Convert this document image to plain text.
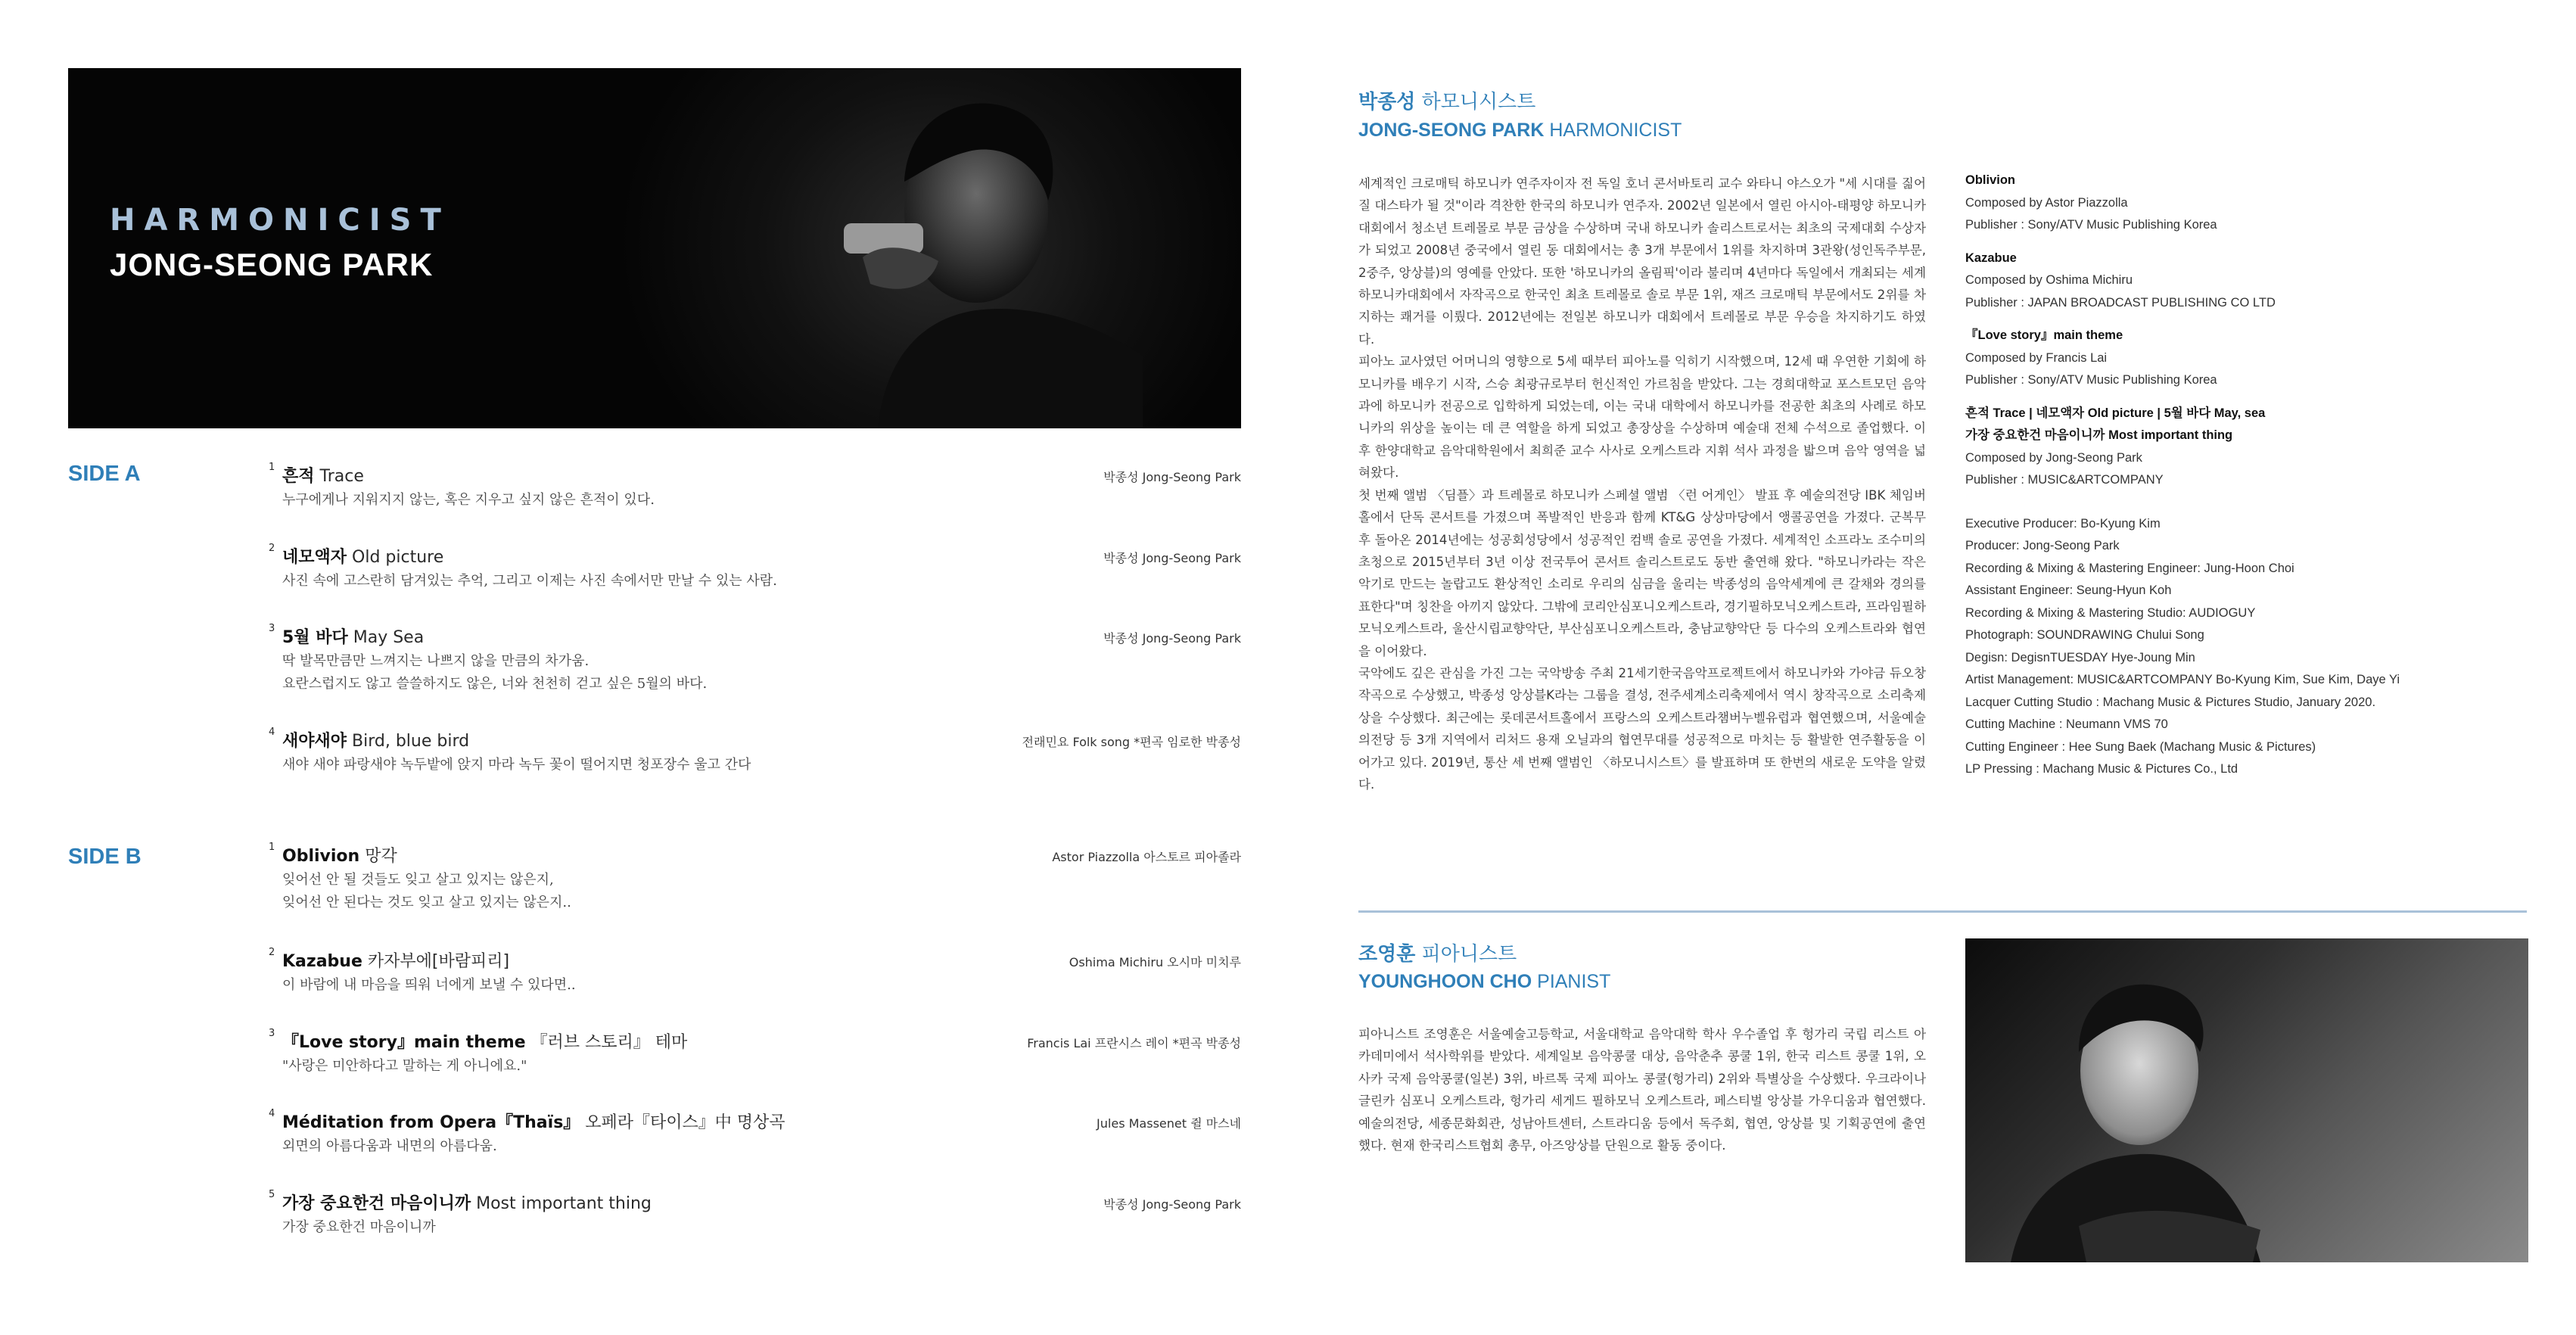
HARMONICIST
JONG-SEONG PARK
SIDE A	1 흔적 Trace	박종성 Jong-Seong Park
누구에게나 지워지지 않는, 혹은 지우고 싶지 않은 흔적이 있다.
2 네모액자 Old picture	박종성 Jong-Seong Park
사진 속에 고스란히 담겨있는 추억, 그리고 이제는 사진 속에서만 만날 수 있는 사람.
3 5월 바다 May Sea	박종성 Jong-Seong Park
딱 발목만큼만 느껴지는 나쁘지 않을 만큼의 차가움.
요란스럽지도 않고 쓸쓸하지도 않은, 너와 천천히 걷고 싶은 5월의 바다.
4 새야새야 Bird, blue bird	전래민요 Folk song *편곡 임로한 박종성
새야 새야 파랑새야 녹두밭에 앉지 마라 녹두 꽃이 떨어지면 청포장수 울고 간다
SIDE B	1 Oblivion 망각	Astor Piazzolla 아스토르 피아졸라
잊어선 안 될 것들도 잊고 살고 있지는 않은지,
잊어선 안 된다는 것도 잊고 살고 있지는 않은지..
2 Kazabue 카자부에[바람피리]	Oshima Michiru 오시마 미치루
이 바람에 내 마음을 띄워 너에게 보낼 수 있다면..
3 『Love story』main theme 『러브 스토리』 테마	Francis Lai 프란시스 레이 *편곡 박종성
"사랑은 미안하다고 말하는 게 아니에요."
4 Méditation from Opera『Thaïs』 오페라『타이스』中 명상곡	Jules Massenet 쥘 마스네
외면의 아름다움과 내면의 아름다움.
5 가장 중요한건 마음이니까 Most important thing	박종성 Jong-Seong Park
가장 중요한건 마음이니까
박종성 하모니시스트
JONG-SEONG PARK HARMONICIST

세계적인 크로매틱 하모니카 연주자이자 전 독일 호너 콘서바토리 교수 와타니 야스오가 "세 시대를 짊어질 대스타가 될 것"이라 격찬한 한국의 하모니카 연주자. 2002년 일본에서 열린 아시아-태평양 하모니카 대회에서 청소년 트레몰로 부문 금상을 수상하며 국내 하모니카 솔리스트로서는 최초의 국제대회 수상자가 되었고 2008년 중국에서 열린 동 대회에서는 총 3개 부문에서 1위를 차지하며 3관왕(성인독주부문, 2중주, 앙상블)의 영예를 안았다. 또한 '하모니카의 올림픽'이라 불리며 4년마다 독일에서 개최되는 세계 하모니카대회에서 자작곡으로 한국인 최초 트레몰로 솔로 부문 1위, 재즈 크로매틱 부문에서도 2위를 차지하는 쾌거를 이뤘다. 2012년에는 전일본 하모니카 대회에서 트레몰로 부문 우승을 차지하기도 하였다.

피아노 교사였던 어머니의 영향으로 5세 때부터 피아노를 익히기 시작했으며, 12세 때 우연한 기회에 하모니카를 배우기 시작, 스승 최광규로부터 헌신적인 가르침을 받았다. 그는 경희대학교 포스트모던 음악과에 하모니카 전공으로 입학하게 되었는데, 이는 국내 대학에서 하모니카를 전공한 최초의 사례로 하모니카의 위상을 높이는 데 큰 역할을 하게 되었고 총장상을 수상하며 예술대 전체 수석으로 졸업했다. 이후 한양대학교 음악대학원에서 최희준 교수 사사로 오케스트라 지휘 석사 과정을 밟으며 음악 영역을 넓혀왔다.

첫 번째 앨범 〈딤플〉과 트레몰로 하모니카 스페셜 앨범 〈런 어게인〉 발표 후 예술의전당 IBK 체임버홀에서 단독 콘서트를 가졌으며 폭발적인 반응과 함께 KT&G 상상마당에서 앵콜공연을 가졌다. 군복무 후 돌아온 2014년에는 성공회성당에서 성공적인 컴백 솔로 공연을 가졌다. 세계적인 소프라노 조수미의 초청으로 2015년부터 3년 이상 전국투어 콘서트 솔리스트로도 동반 출연해 왔다. "하모니카라는 작은 악기로 만드는 놀랍고도 환상적인 소리로 우리의 심금을 울리는 박종성의 음악세계에 큰 갈채와 경의를 표한다"며 칭찬을 아끼지 않았다. 그밖에 코리안심포니오케스트라, 경기필하모닉오케스트라, 프라임필하모닉오케스트라, 울산시립교향악단, 부산심포니오케스트라, 충남교향악단 등 다수의 오케스트라와 협연을 이어왔다.

국악에도 깊은 관심을 가진 그는 국악방송 주최 21세기한국음악프로젝트에서 하모니카와 가야금 듀오창작곡으로 수상했고, 박종성 앙상블K라는 그룹을 결성, 전주세계소리축제에서 역시 창작곡으로 소리축제상을 수상했다. 최근에는 롯데콘서트홀에서 프랑스의 오케스트라챔버누벨유럽과 협연했으며, 서울예술의전당 등 3개 지역에서 리처드 용재 오닐과의 협연무대를 성공적으로 마치는 등 활발한 연주활동을 이어가고 있다. 2019년, 통산 세 번째 앨범인 〈하모니시스트〉를 발표하며 또 한번의 새로운 도약을 알렸다.

Oblivion
Composed by Astor Piazzolla
Publisher : Sony/ATV Music Publishing Korea
Kazabue
Composed by Oshima Michiru
Publisher : JAPAN BROADCAST PUBLISHING CO LTD
『Love story』main theme
Composed by Francis Lai
Publisher : Sony/ATV Music Publishing Korea
흔적 Trace | 네모액자 Old picture | 5월 바다 May, sea
가장 중요한건 마음이니까 Most important thing
Composed by Jong-Seong Park
Publisher : MUSIC&ARTCOMPANY
Executive Producer: Bo-Kyung Kim
Producer: Jong-Seong Park
Recording & Mixing & Mastering Engineer: Jung-Hoon Choi
Assistant Engineer: Seung-Hyun Koh
Recording & Mixing & Mastering Studio: AUDIOGUY
Photograph: SOUNDRAWING Chului Song
Degisn: DegisnTUESDAY Hye-Joung Min
Artist Management: MUSIC&ARTCOMPANY Bo-Kyung Kim, Sue Kim, Daye Yi
Lacquer Cutting Studio : Machang Music & Pictures Studio, January 2020.
Cutting Machine : Neumann VMS 70
Cutting Engineer : Hee Sung Baek (Machang Music & Pictures)
LP Pressing : Machang Music & Pictures Co., Ltd
조영훈 피아니스트
YOUNGHOON CHO PIANIST

피아니스트 조영훈은 서울예술고등학교, 서울대학교 음악대학 학사 우수졸업 후 헝가리 국립 리스트 아카데미에서 석사학위를 받았다. 세계일보 음악콩쿨 대상, 음악춘추 콩쿨 1위, 한국 리스트 콩쿨 1위, 오사카 국제 음악콩쿨(일본) 3위, 바르톡 국제 피아노 콩쿨(헝가리) 2위와 특별상을 수상했다. 우크라이나 글린카 심포니 오케스트라, 헝가리 세게드 필하모닉 오케스트라, 페스티벌 앙상블 가우디움과 협연했다. 예술의전당, 세종문화회관, 성남아트센터, 스트라디움 등에서 독주회, 협연, 앙상블 및 기획공연에 출연했다. 현재 한국리스트협회 총무, 아즈앙상블 단원으로 활동 중이다.
